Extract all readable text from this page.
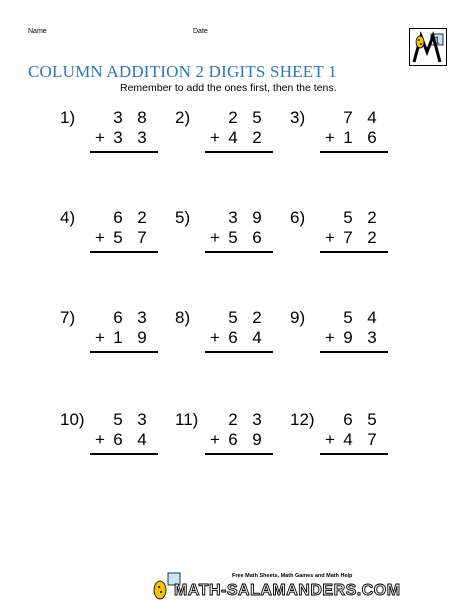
Name	Date
1
COLUMN ADDITION 2 DIGITS SHEET 1
Remember to add the ones first, then the tens.
1) 3 8
+ 3 3
2) 2 5
+ 4 2
3) 7 4
+ 1 6
4) 6 2
+ 5 7
5) 3 9
+ 5 6
6) 5 2
+ 7 2
7) 6 3
+ 1 9
8) 5 2
+ 6 4
9) 5 4
+ 9 3
10) 5 3
+ 6 4
11) 2 3
+ 6 9
12) 6 5
+ 4 7
Free Math Sheets, Math Games and Math Help
MATH-SALAMANDERS.COM
